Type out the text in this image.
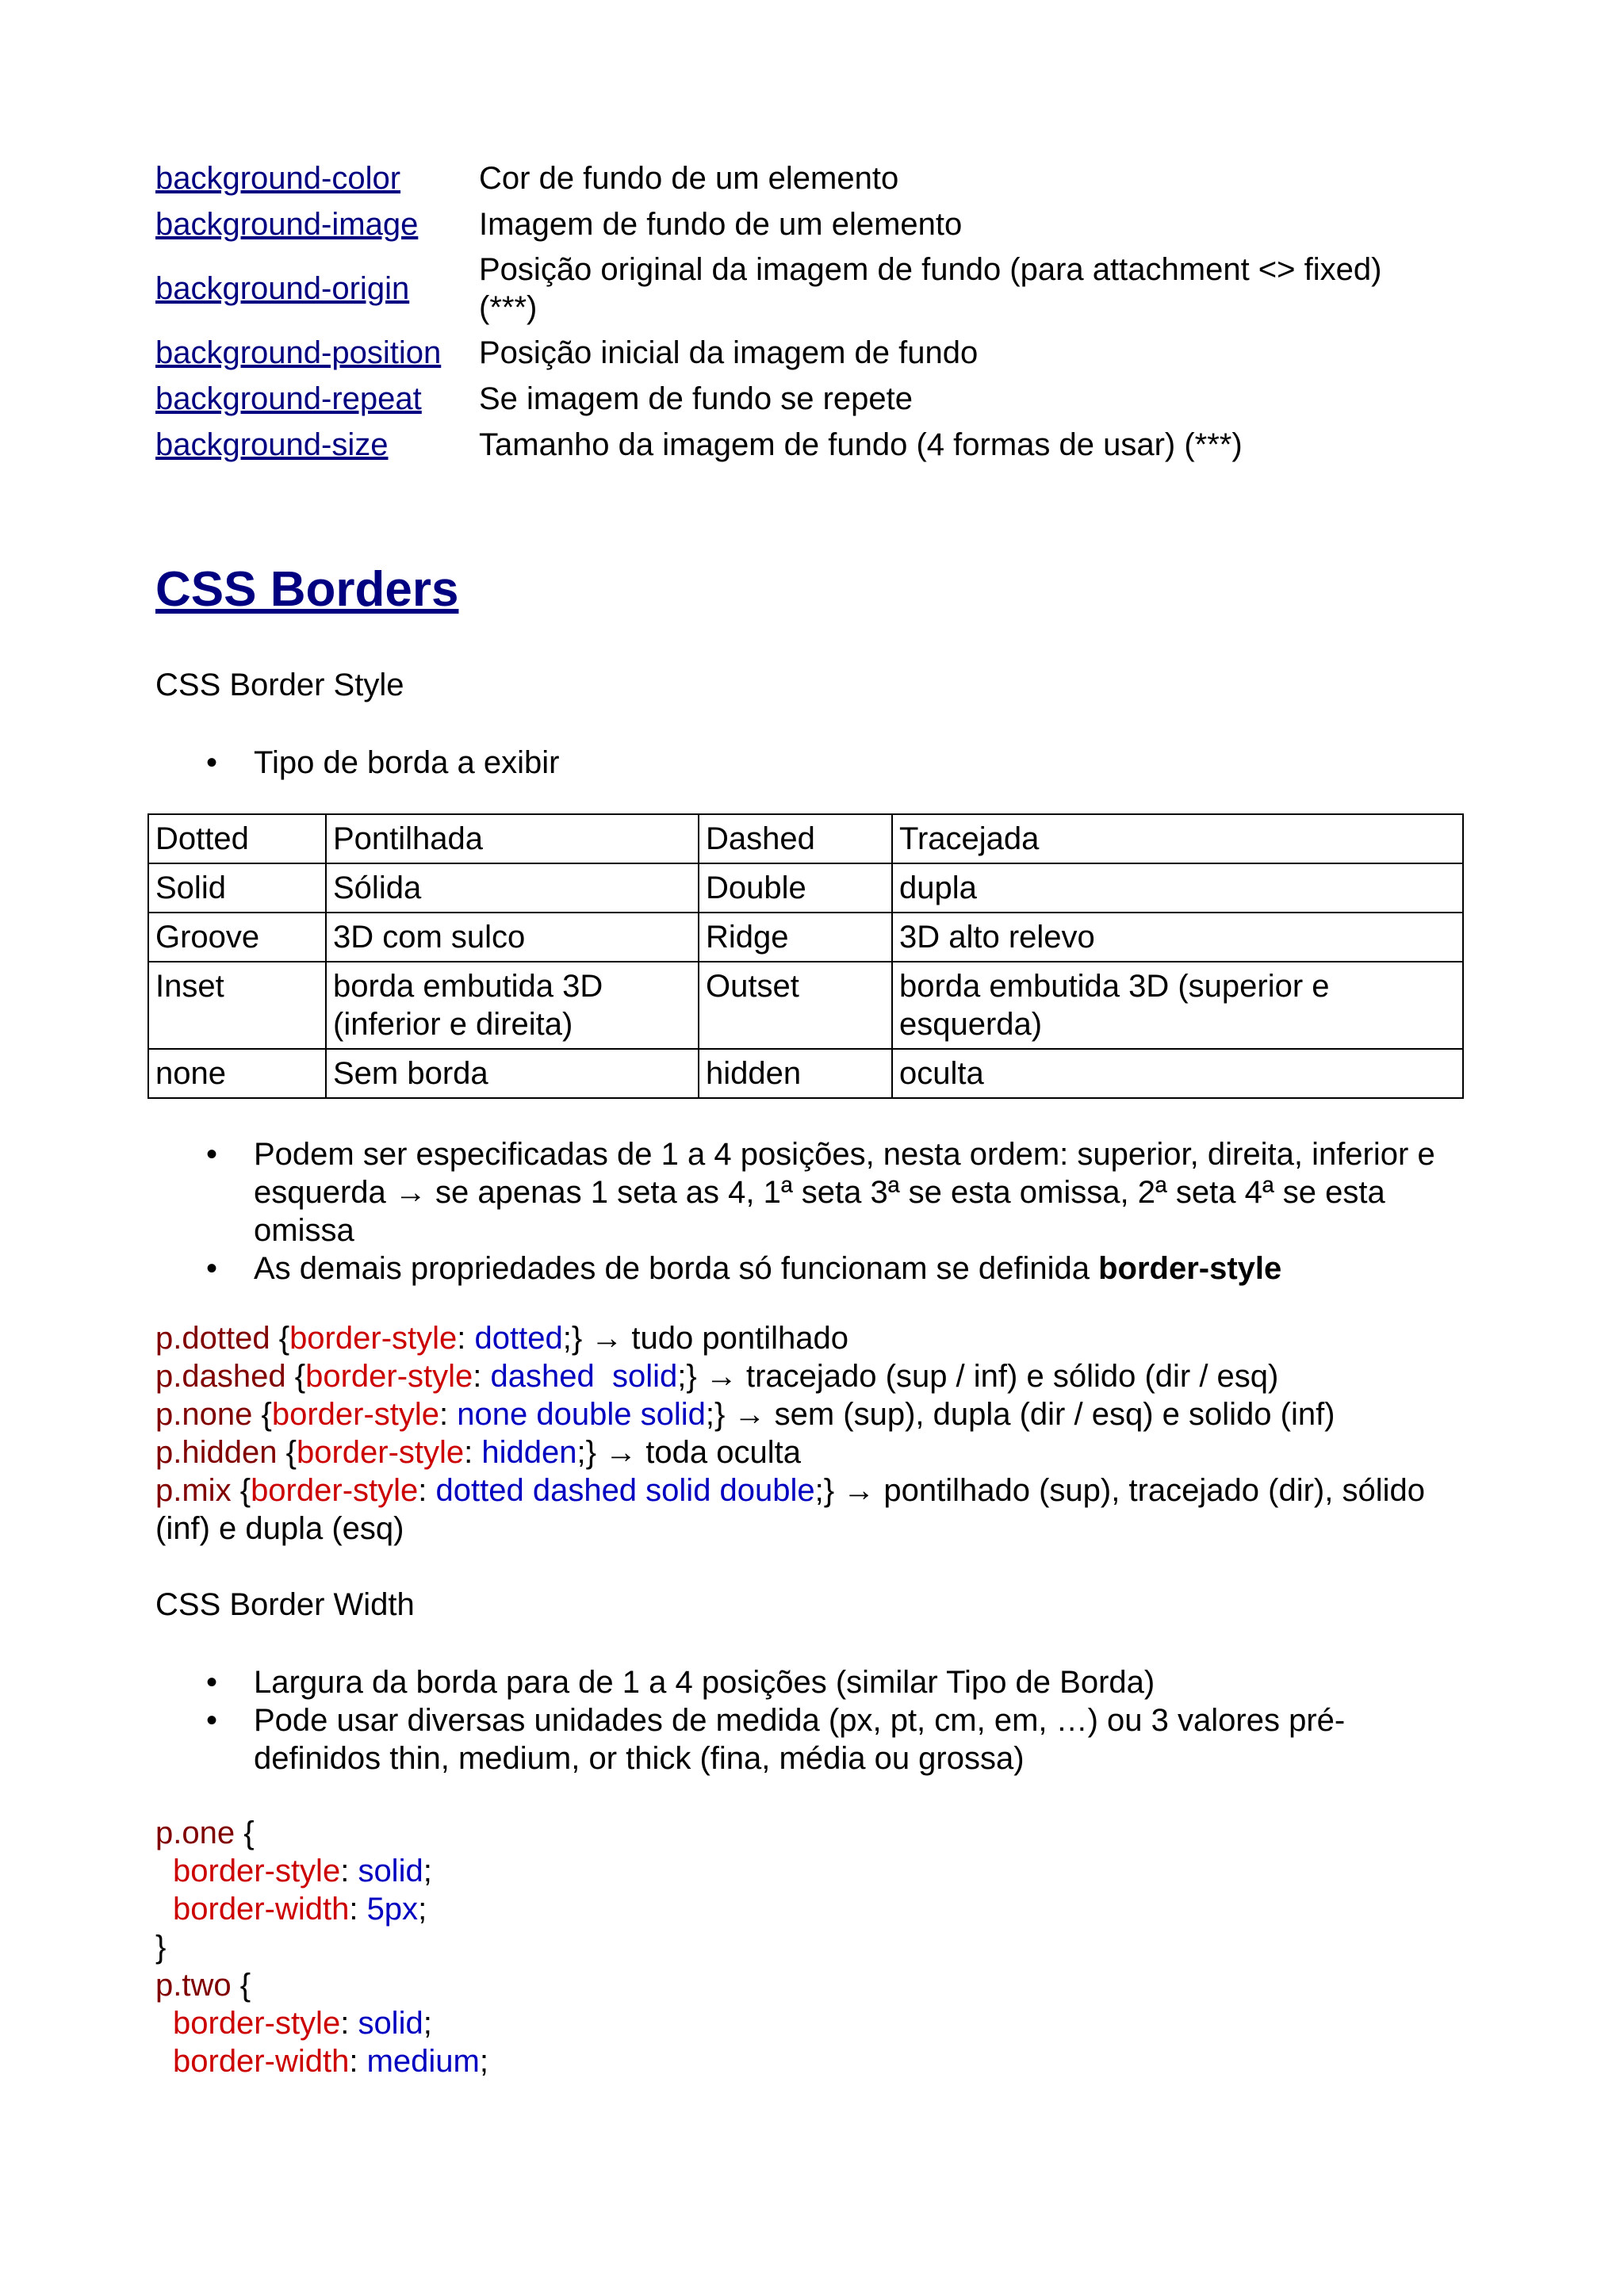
background-color	Cor de fundo de um elemento
background-image	Imagem de fundo de um elemento
background-origin	Posição original da imagem de fundo (para attachment <> fixed) (***)
background-position	Posição inicial da imagem de fundo
background-repeat	Se imagem de fundo se repete
background-size	Tamanho da imagem de fundo (4 formas de usar) (***)
CSS Borders
CSS Border Style
• Tipo de borda a exibir
Dotted	Pontilhada	Dashed	Tracejada
Solid	Sólida	Double	dupla
Groove	3D com sulco	Ridge	3D alto relevo
Inset	borda embutida 3D (inferior e direita)	Outset	borda embutida 3D (superior e esquerda)
none	Sem borda	hidden	oculta
• Podem ser especificadas de 1 a 4 posições, nesta ordem: superior, direita, inferior e esquerda → se apenas 1 seta as 4, 1ª seta 3ª se esta omissa, 2ª seta 4ª se esta omissa
• As demais propriedades de borda só funcionam se definida border-style
p.dotted {border-style: dotted;} → tudo pontilhado
p.dashed {border-style: dashed  solid;} → tracejado (sup / inf) e sólido (dir / esq)
p.none {border-style: none double solid;} → sem (sup), dupla (dir / esq) e solido (inf)
p.hidden {border-style: hidden;} → toda oculta
p.mix {border-style: dotted dashed solid double;} → pontilhado (sup), tracejado (dir), sólido (inf) e dupla (esq)
CSS Border Width
• Largura da borda para de 1 a 4 posições (similar Tipo de Borda)
• Pode usar diversas unidades de medida (px, pt, cm, em, …) ou 3 valores pré-definidos thin, medium, or thick (fina, média ou grossa)
p.one {
border-style: solid;
border-width: 5px;
}
p.two {
border-style: solid;
border-width: medium;
